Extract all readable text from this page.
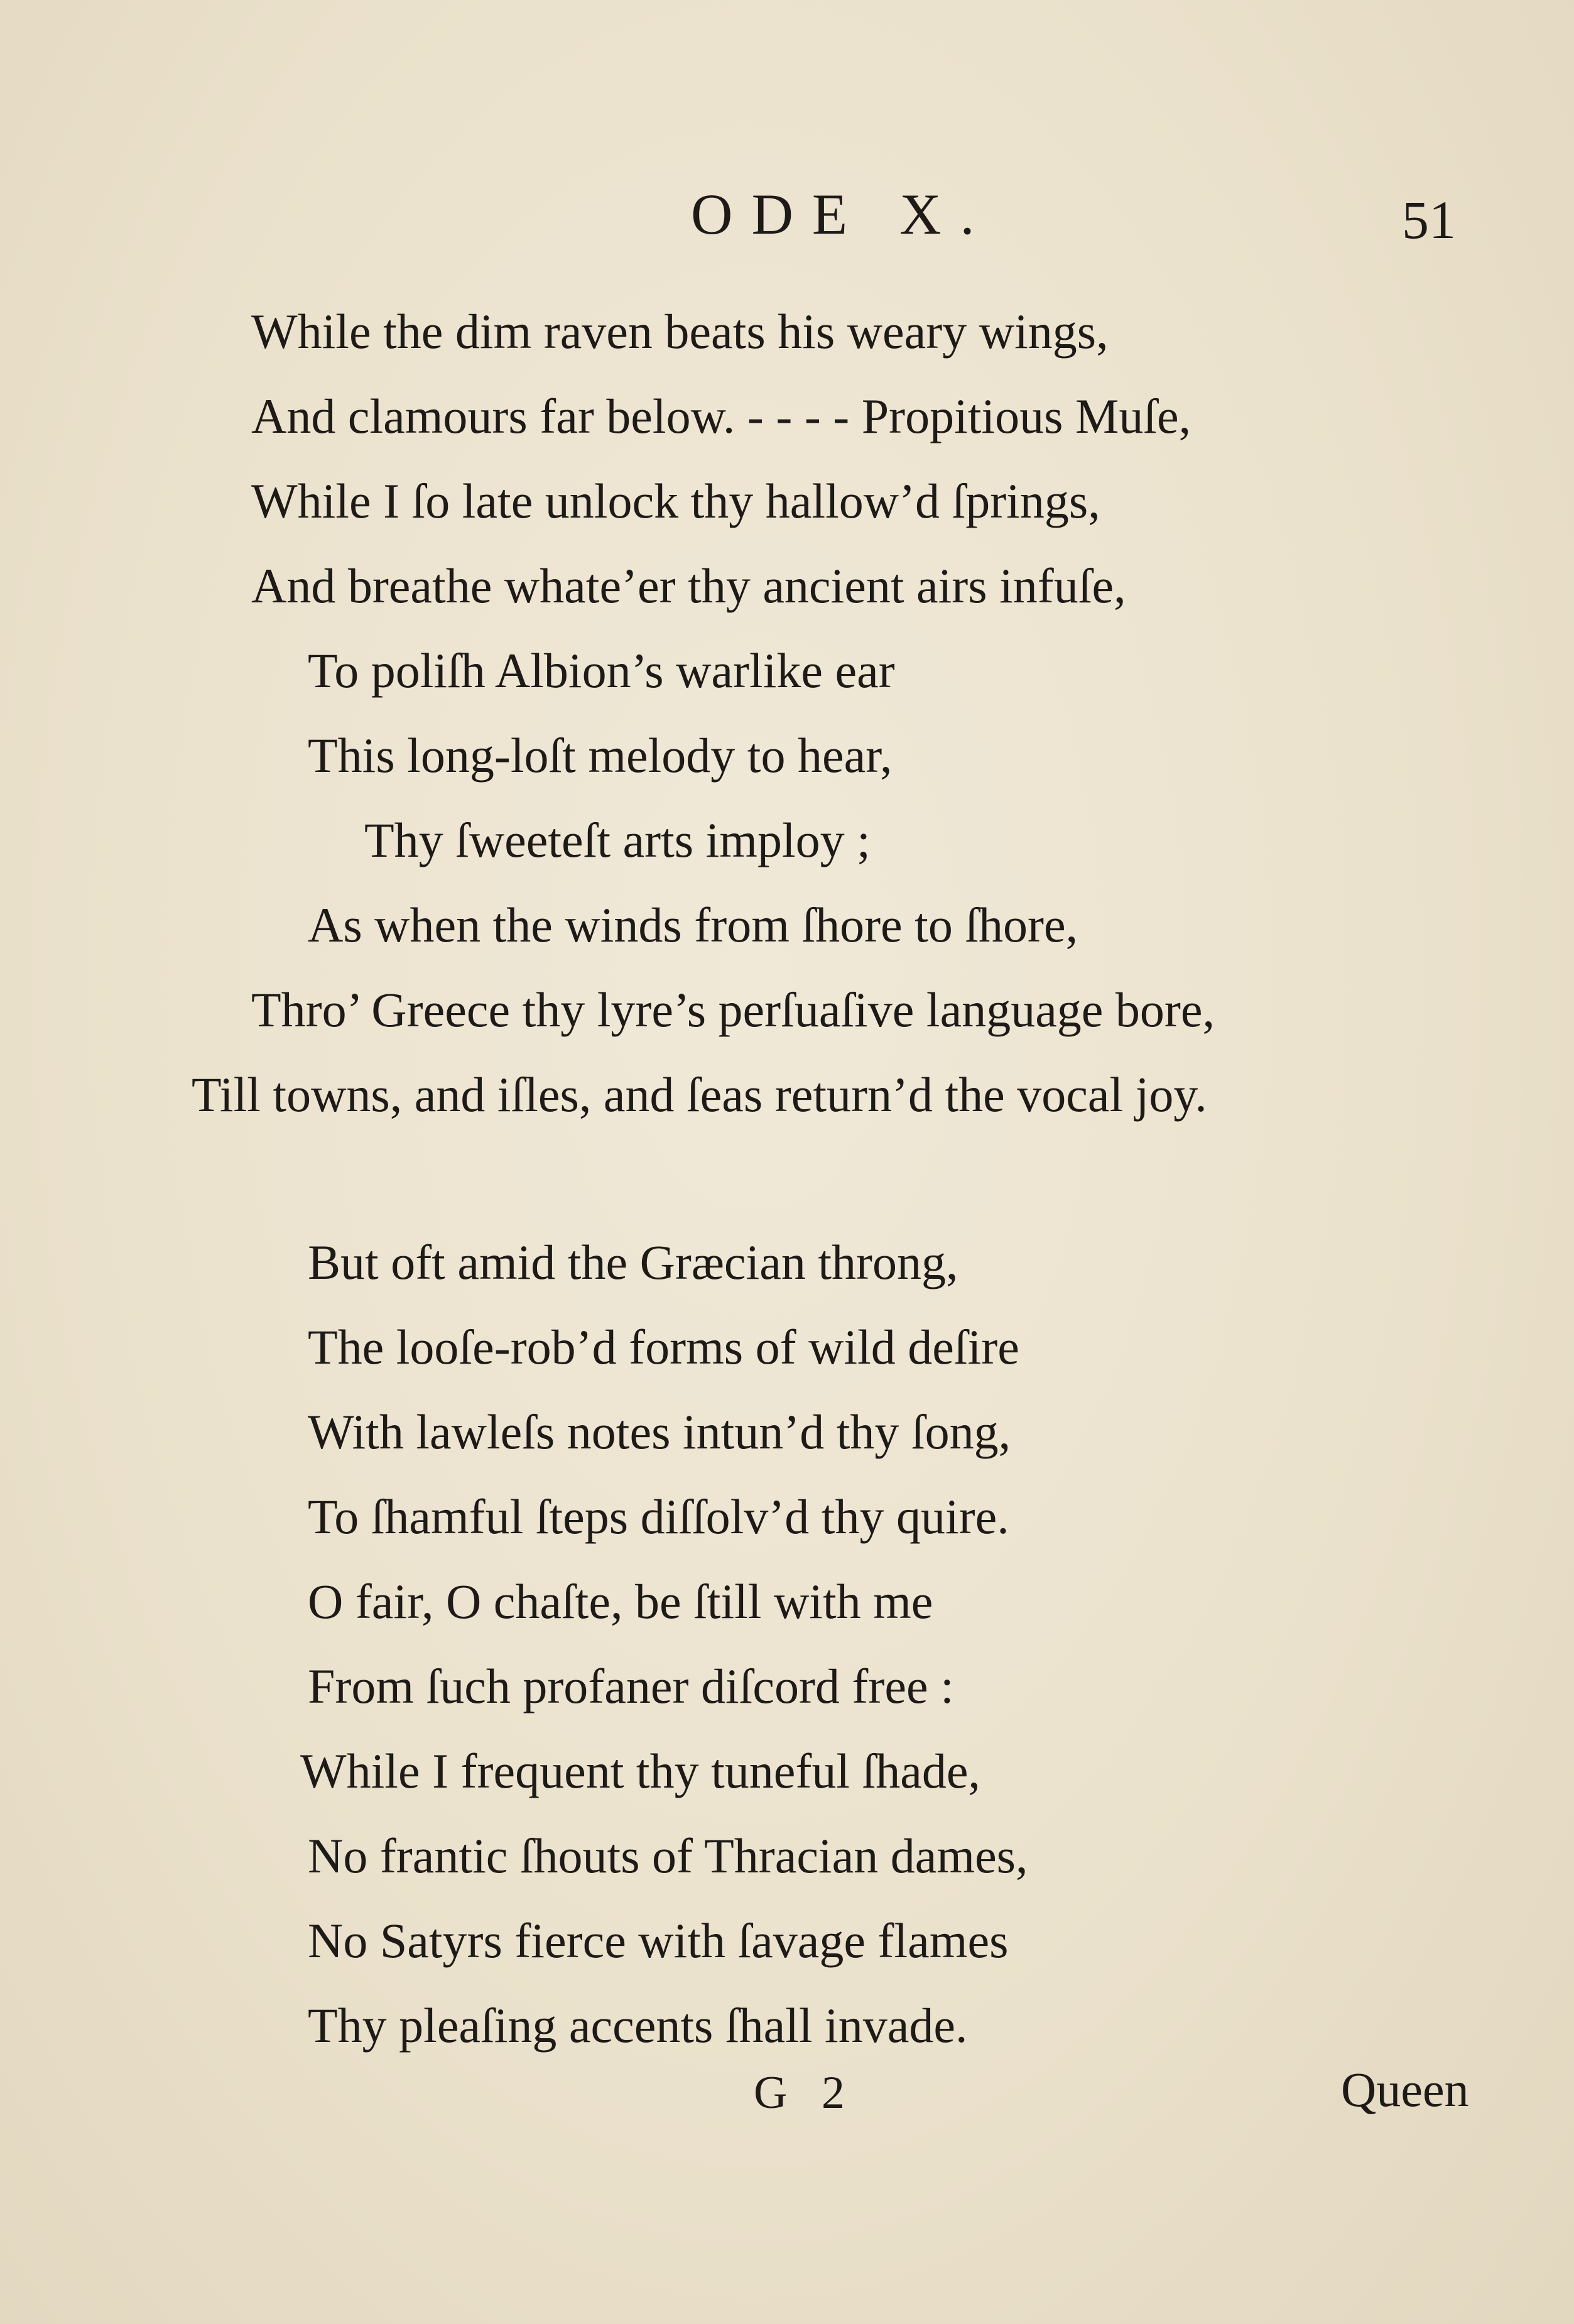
ODE X.	51
While the dim raven beats his weary wings,
And clamours far below. - - - - Propitious Muſe,
While I ſo late unlock thy hallow’d ſprings,
And breathe whate’er thy ancient airs infuſe,
To poliſh Albion’s warlike ear
This long-loſt melody to hear,
Thy ſweeteſt arts imploy ;
As when the winds from ſhore to ſhore,
Thro’ Greece thy lyre’s perſuaſive language bore,
Till towns, and iſles, and ſeas return’d the vocal joy.
But oft amid the Græcian throng,
The looſe-rob’d forms of wild deſire
With lawleſs notes intun’d thy ſong,
To ſhamful ſteps diſſolv’d thy quire.
O fair, O chaſte, be ſtill with me
From ſuch profaner diſcord free :
While I frequent thy tuneful ſhade,
No frantic ſhouts of Thracian dames,
No Satyrs fierce with ſavage flames
Thy pleaſing accents ſhall invade.
G 2	Queen
